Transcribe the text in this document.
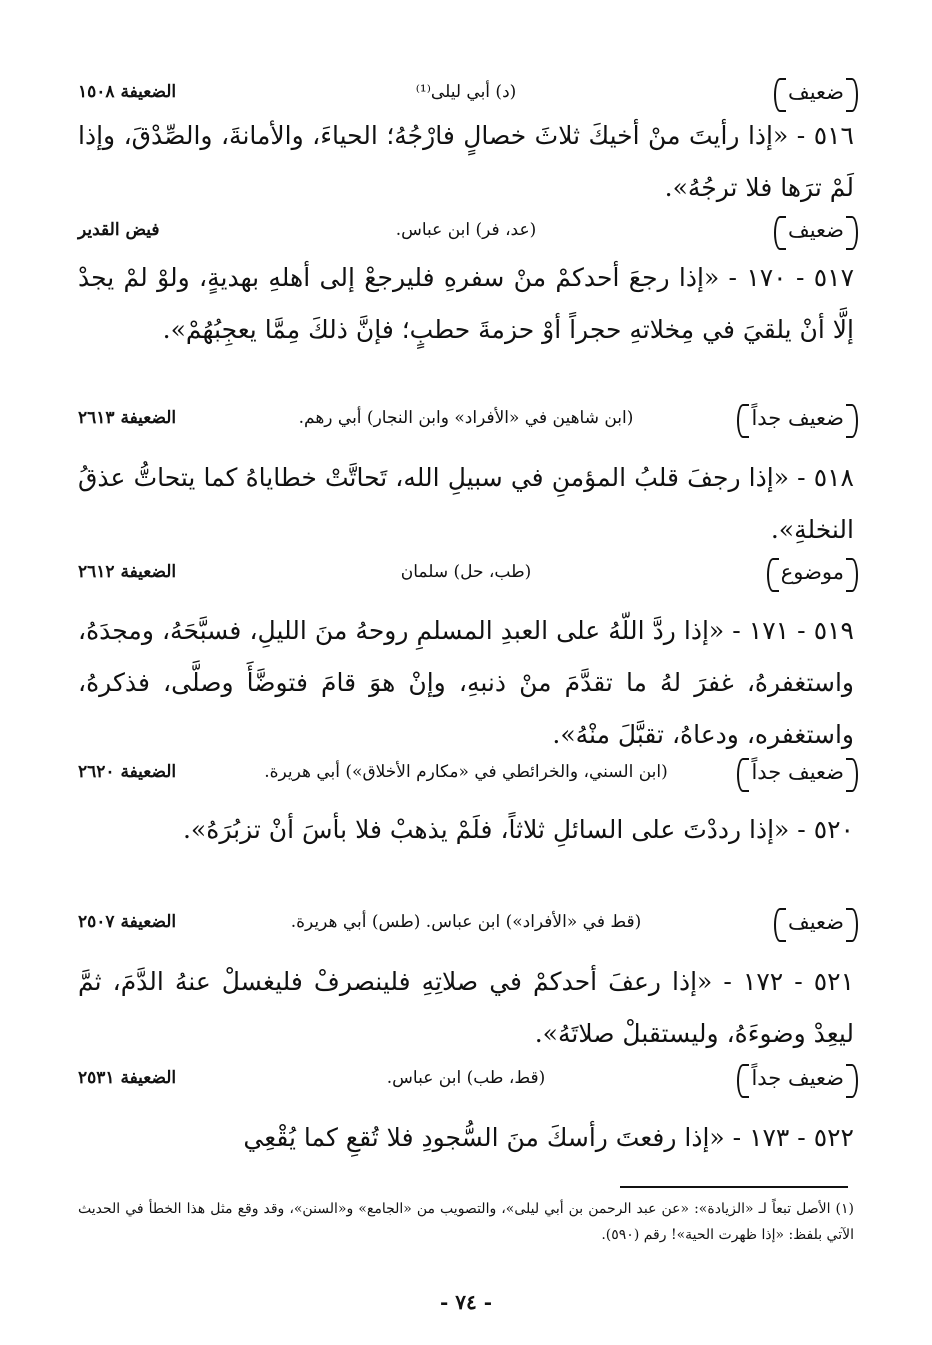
ضعيف
(د) أبي ليلى⁽¹⁾
الضعيفة ١٥٠٨
٥١٦ - «إذا رأيتَ منْ أخيكَ ثلاثَ خصالٍ فارْجُهُ؛ الحياءَ، والأمانةَ، والصِّدْقَ، وإذا لَمْ ترَها فلا ترجُهُ».
ضعيف
(عد، فر) ابن عباس.
فيض القدير
٥١٧ - ١٧٠ - «إذا رجعَ أحدكمْ منْ سفرهِ فليرجعْ إلى أهلهِ بهديةٍ، ولوْ لمْ يجدْ إلَّا أنْ يلقيَ في مِخلاتهِ حجراً أوْ حزمةَ حطبٍ؛ فإنَّ ذلكَ مِمَّا يعجِبُهُمْ».
ضعيف جداً
(ابن شاهين في «الأفراد» وابن النجار) أبي رهم.
الضعيفة ٢٦١٣
٥١٨ - «إذا رجفَ قلبُ المؤمنِ في سبيلِ الله، تَحاتَّتْ خطاياهُ كما يتحاتُّ عذقُ النخلةِ».
موضوع
(طب، حل) سلمان
الضعيفة ٢٦١٢
٥١٩ - ١٧١ - «إذا ردَّ اللّهُ على العبدِ المسلمِ روحهُ منَ الليلِ، فسبَّحَهُ، ومجدَهُ، واستغفرهُ، غفرَ لهُ ما تقدَّمَ منْ ذنبهِ، وإنْ هوَ قامَ فتوضَّأَ وصلَّى، فذكرهُ، واستغفره، ودعاهُ، تقبَّلَ منْهُ».
ضعيف جداً
(ابن السني، والخرائطي في «مكارم الأخلاق») أبي هريرة.
الضعيفة ٢٦٢٠
٥٢٠ - «إذا رددْتَ على السائلِ ثلاثاً، فلَمْ يذهبْ فلا بأسَ أنْ تزبُرَهُ».
ضعيف
(قط في «الأفراد») ابن عباس. (طس) أبي هريرة.
الضعيفة ٢٥٠٧
٥٢١ - ١٧٢ - «إذا رعفَ أحدكمْ في صلاتِهِ فلينصرفْ فليغسلْ عنهُ الدَّمَ، ثمَّ ليعِدْ وضوءَهُ، وليستقبلْ صلاتَهُ».
ضعيف جداً
(قط، طب) ابن عباس.
الضعيفة ٢٥٣١
٥٢٢ - ١٧٣ - «إذا رفعتَ رأسكَ منَ السُّجودِ فلا تُقعِ كما يُقْعِي
(١) الأصل تبعاً لـ «الزيادة»: «عن عبد الرحمن بن أبي ليلى»، والتصويب من «الجامع» و«السنن»، وقد وقع مثل هذا الخطأ في الحديث الآتي بلفظ: «إذا ظهرت الحية»! رقم (٥٩٠).
- ٧٤ -
